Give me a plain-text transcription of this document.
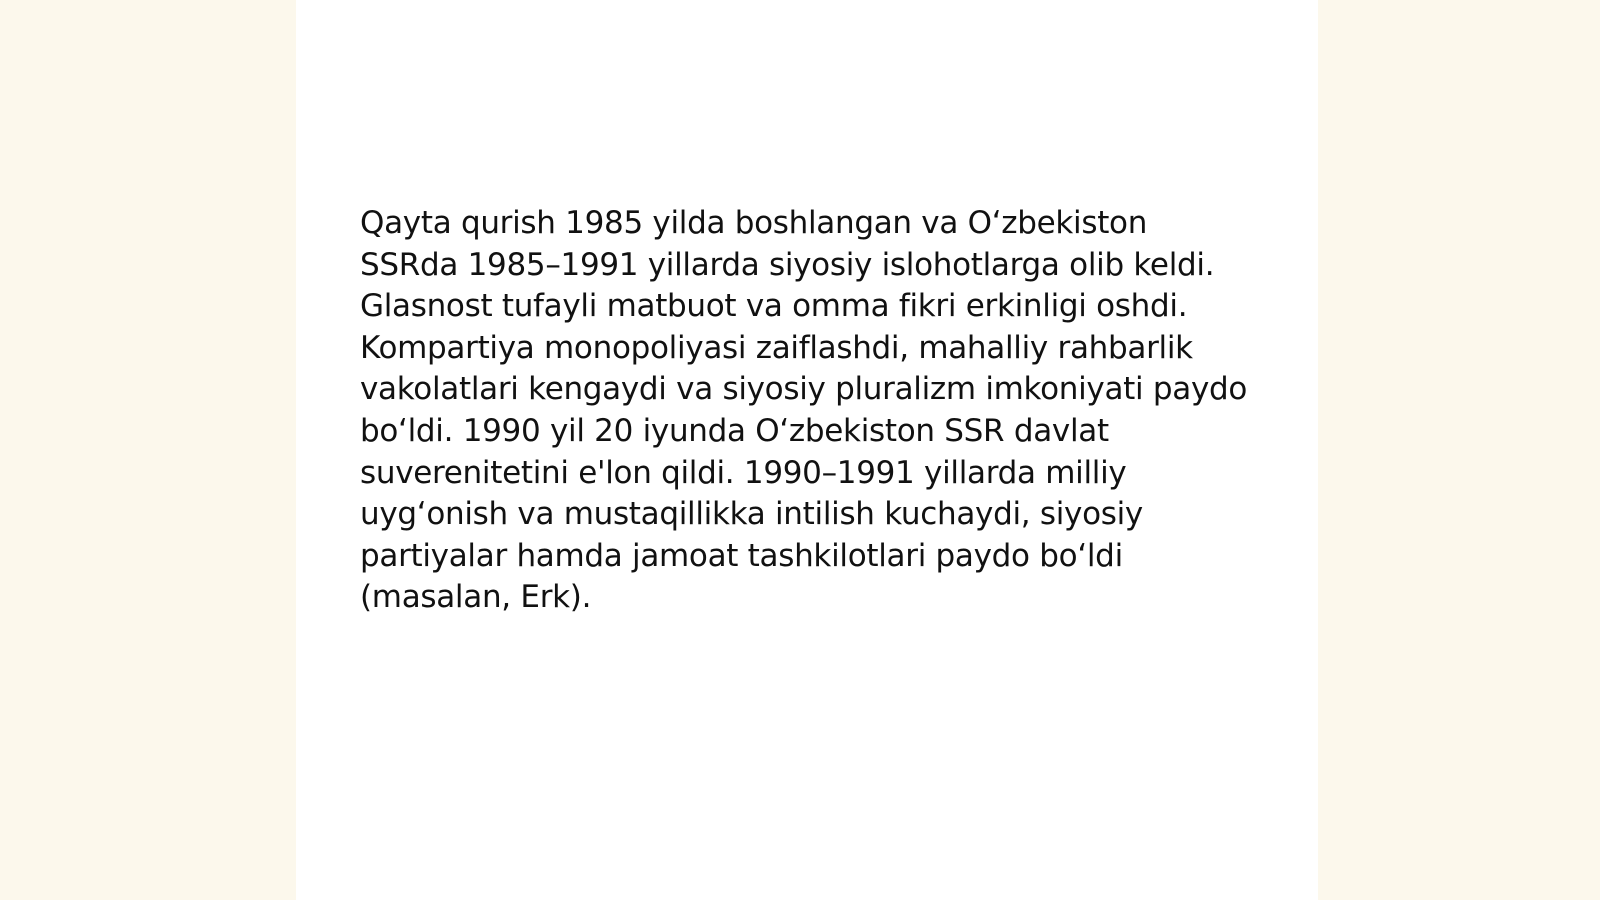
Qayta qurish 1985 yilda boshlangan va Oʻzbekiston SSRda 1985–1991 yillarda siyosiy islohotlarga olib keldi. Glasnost tufayli matbuot va omma fikri erkinligi oshdi. Kompartiya monopoliyasi zaiflashdi, mahalliy rahbarlik vakolatlari kengaydi va siyosiy pluralizm imkoniyati paydo boʻldi. 1990 yil 20 iyunda Oʻzbekiston SSR davlat suverenitetini e'lon qildi. 1990–1991 yillarda milliy uygʻonish va mustaqillikka intilish kuchaydi, siyosiy partiyalar hamda jamoat tashkilotlari paydo boʻldi (masalan, Erk).
